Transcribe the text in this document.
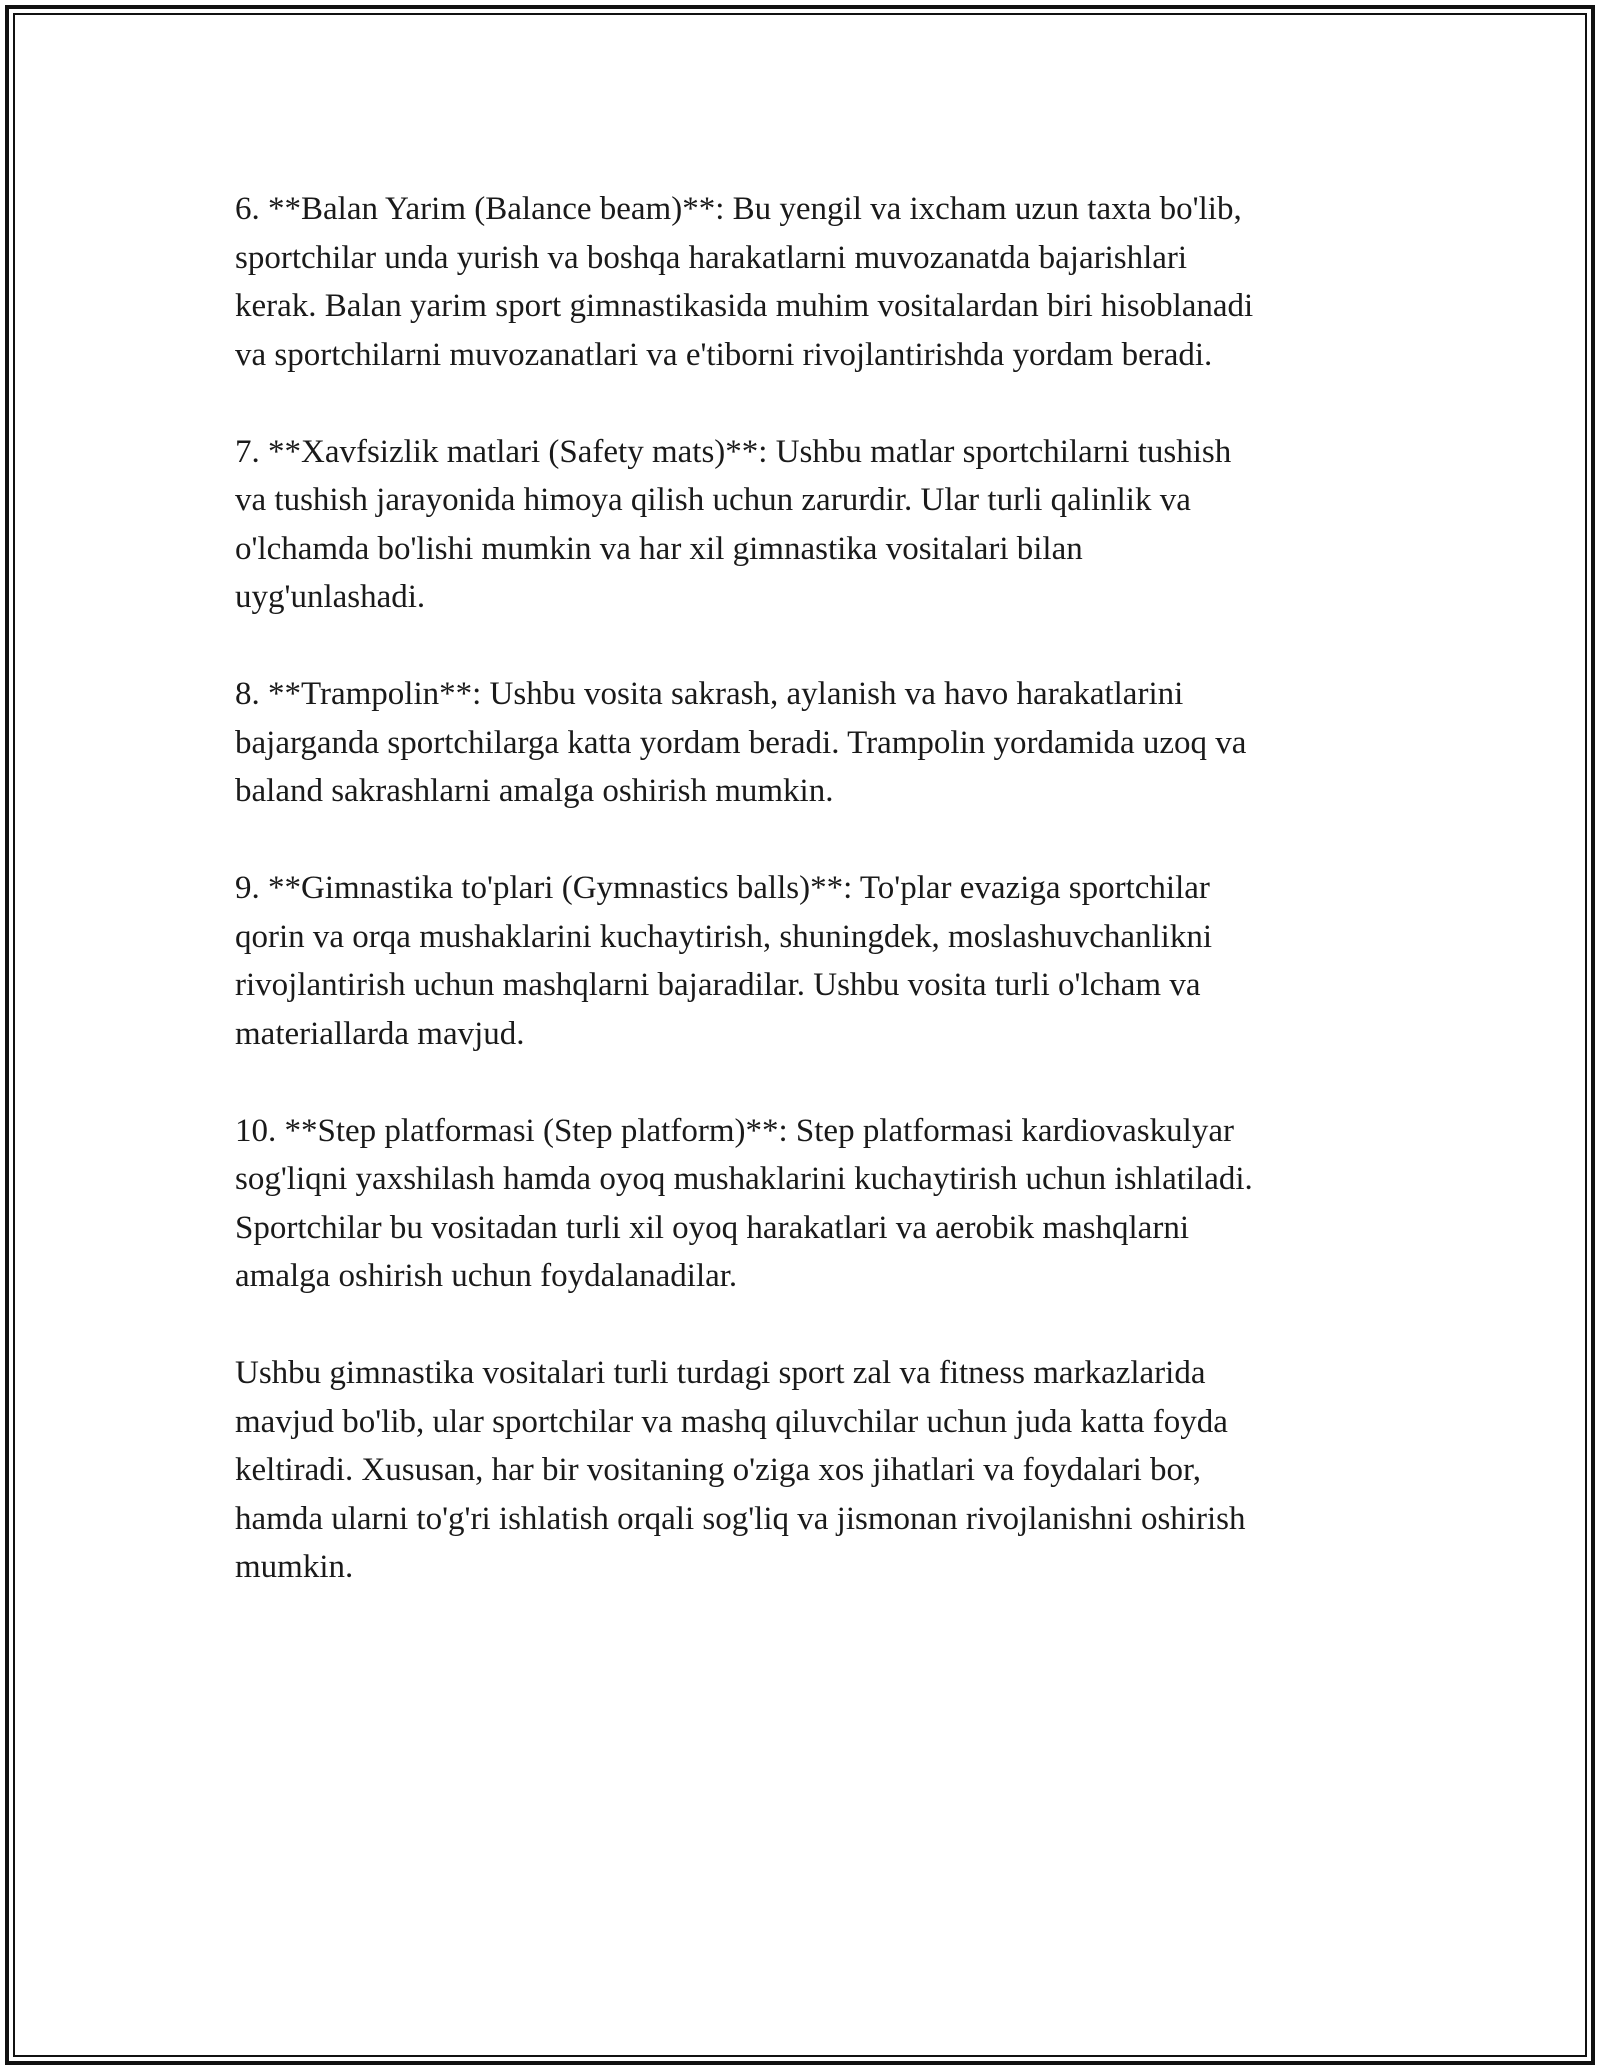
6. **Balan Yarim (Balance beam)**: Bu yengil va ixcham uzun taxta bo'lib,
sportchilar unda yurish va boshqa harakatlarni muvozanatda bajarishlari
kerak. Balan yarim sport gimnastikasida muhim vositalardan biri hisoblanadi
va sportchilarni muvozanatlari va e'tiborni rivojlantirishda yordam beradi.

7. **Xavfsizlik matlari (Safety mats)**: Ushbu matlar sportchilarni tushish
va tushish jarayonida himoya qilish uchun zarurdir. Ular turli qalinlik va
o'lchamda bo'lishi mumkin va har xil gimnastika vositalari bilan
uyg'unlashadi.

8. **Trampolin**: Ushbu vosita sakrash, aylanish va havo harakatlarini
bajarganda sportchilarga katta yordam beradi. Trampolin yordamida uzoq va
baland sakrashlarni amalga oshirish mumkin.

9. **Gimnastika to'plari (Gymnastics balls)**: To'plar evaziga sportchilar
qorin va orqa mushaklarini kuchaytirish, shuningdek, moslashuvchanlikni
rivojlantirish uchun mashqlarni bajaradilar. Ushbu vosita turli o'lcham va
materiallarda mavjud.

10. **Step platformasi (Step platform)**: Step platformasi kardiovaskulyar
sog'liqni yaxshilash hamda oyoq mushaklarini kuchaytirish uchun ishlatiladi.
Sportchilar bu vositadan turli xil oyoq harakatlari va aerobik mashqlarni
amalga oshirish uchun foydalanadilar.

Ushbu gimnastika vositalari turli turdagi sport zal va fitness markazlarida
mavjud bo'lib, ular sportchilar va mashq qiluvchilar uchun juda katta foyda
keltiradi. Xususan, har bir vositaning o'ziga xos jihatlari va foydalari bor,
hamda ularni to'g'ri ishlatish orqali sog'liq va jismonan rivojlanishni oshirish
mumkin.
